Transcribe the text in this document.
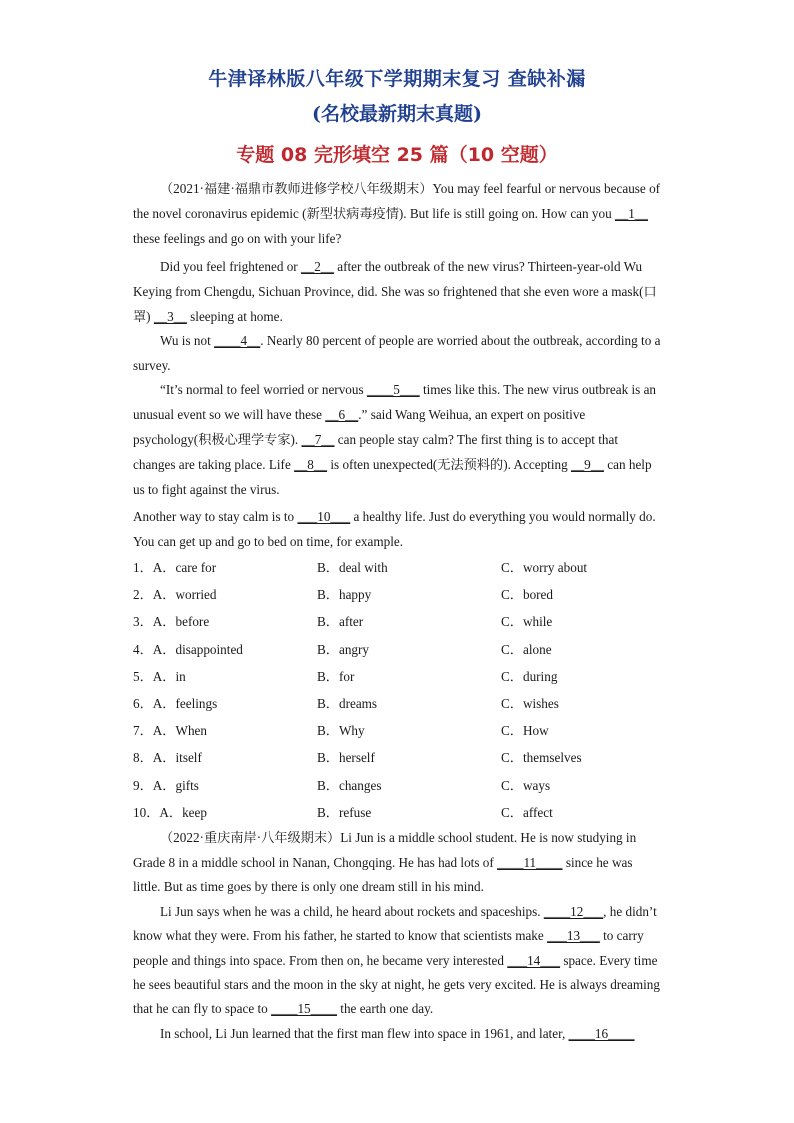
牛津译林版八年级下学期期末复习 查缺补漏
(名校最新期末真题)
专题 08 完形填空 25 篇（10 空题）

（2021·福建·福鼎市教师进修学校八年级期末）You may feel fearful or nervous because of the novel coronavirus epidemic (新型状病毒疫情). But life is still going on. How can you __1__ these feelings and go on with your life?

Did you feel frightened or __2__ after the outbreak of the new virus? Thirteen-year-old Wu Keying from Chengdu, Sichuan Province, did. She was so frightened that she even wore a mask(口罩) __3__ sleeping at home.

Wu is not ____4__. Nearly 80 percent of people are worried about the outbreak, according to a survey.

“It’s normal to feel worried or nervous ____5___ times like this. The new virus outbreak is an unusual event so we will have these __6__.” said Wang Weihua, an expert on positive psychology(积极心理学专家). __7__ can people stay calm? The first thing is to accept that changes are taking place. Life __8__ is often unexpected(无法预料的). Accepting __9__ can help us to fight against the virus.

Another way to stay calm is to ___10___ a healthy life. Just do everything you would normally do. You can get up and go to bed on time, for example.

1．A．care for	B．deal with	C．worry about
2．A．worried	B．happy	C．bored
3．A．before	B．after	C．while
4．A．disappointed	B．angry	C．alone
5．A．in	B．for	C．during
6．A．feelings	B．dreams	C．wishes
7．A．When	B．Why	C．How
8．A．itself	B．herself	C．themselves
9．A．gifts	B．changes	C．ways
10．A．keep	B．refuse	C．affect

（2022·重庆南岸·八年级期末）Li Jun is a middle school student. He is now studying in Grade 8 in a middle school in Nanan, Chongqing. He has had lots of ____11____ since he was little. But as time goes by there is only one dream still in his mind.

Li Jun says when he was a child, he heard about rockets and spaceships. ____12___, he didn’t know what they were. From his father, he started to know that scientists make ___13___ to carry people and things into space. From then on, he became very interested ___14___ space. Every time he sees beautiful stars and the moon in the sky at night, he gets very excited. He is always dreaming that he can fly to space to ____15____ the earth one day.

In school, Li Jun learned that the first man flew into space in 1961, and later, ____16____
